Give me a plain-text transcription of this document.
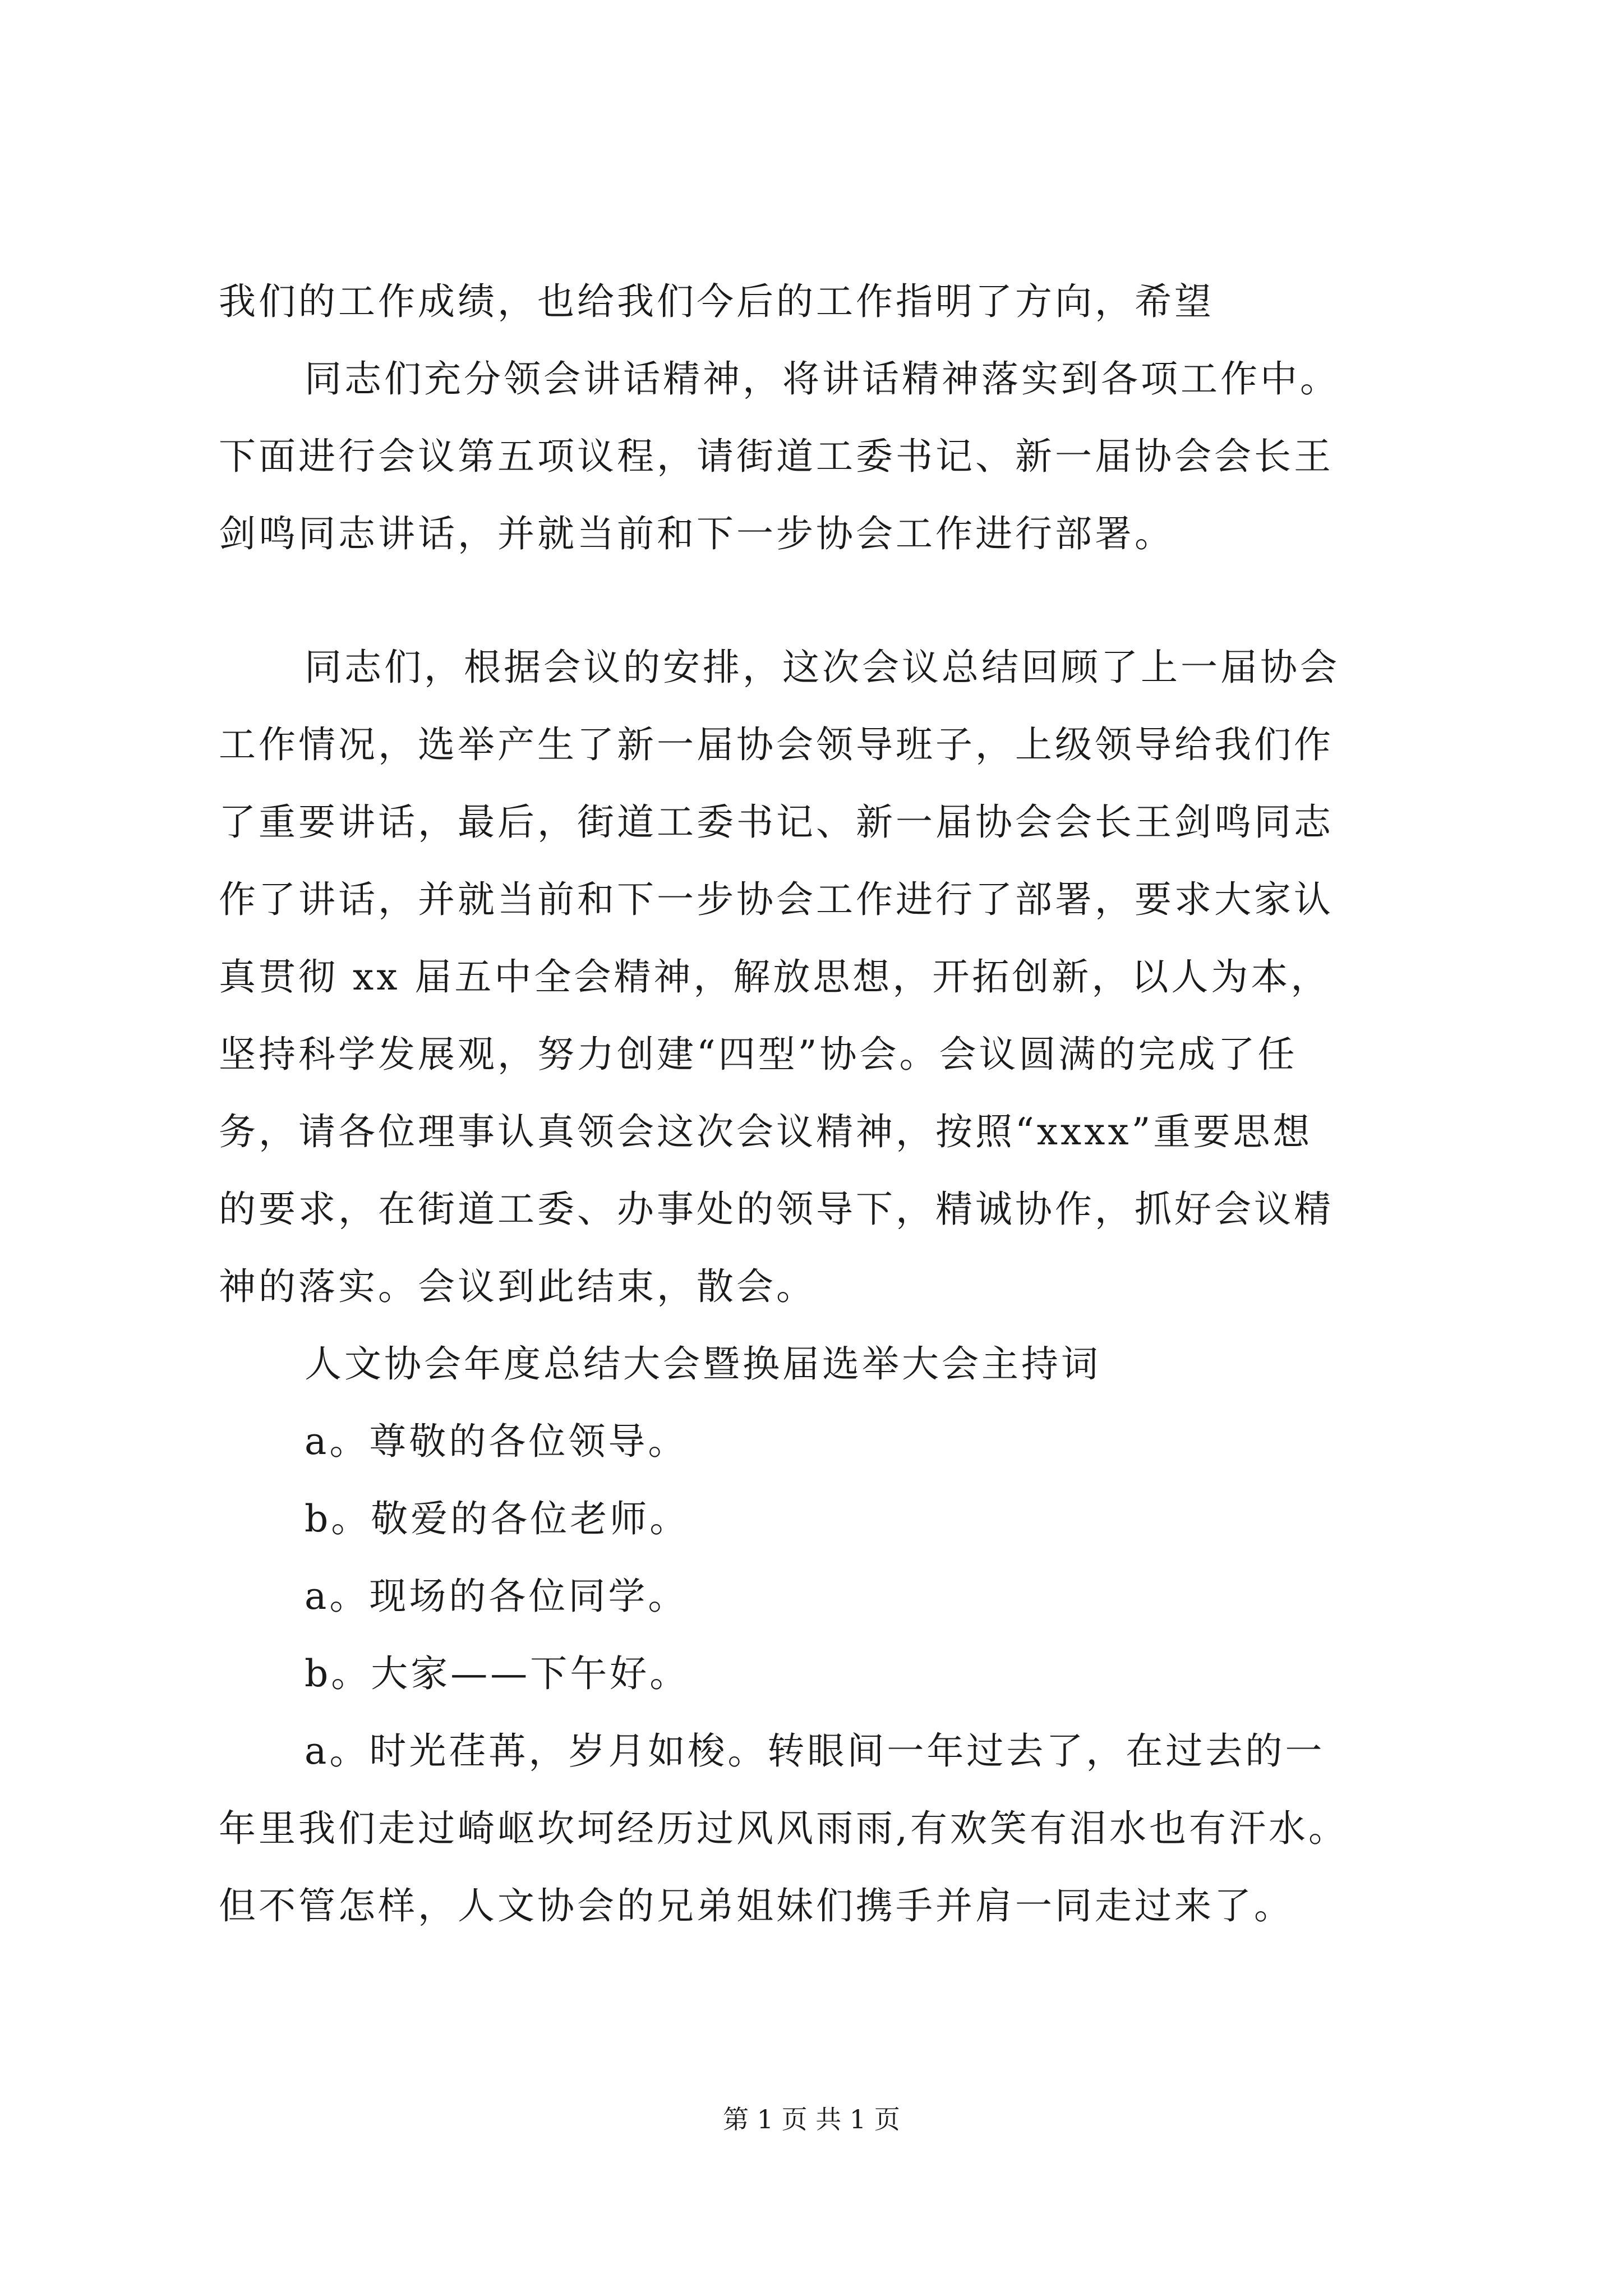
我们的工作成绩，也给我们今后的工作指明了方向，希望
同志们充分领会讲话精神，将讲话精神落实到各项工作中。
下面进行会议第五项议程，请街道工委书记、新一届协会会长王
剑鸣同志讲话，并就当前和下一步协会工作进行部署。
同志们，根据会议的安排，这次会议总结回顾了上一届协会
工作情况，选举产生了新一届协会领导班子，上级领导给我们作
了重要讲话，最后，街道工委书记、新一届协会会长王剑鸣同志
作了讲话，并就当前和下一步协会工作进行了部署，要求大家认
真贯彻 xx 届五中全会精神，解放思想，开拓创新，以人为本，
坚持科学发展观，努力创建“四型”协会。会议圆满的完成了任
务，请各位理事认真领会这次会议精神，按照“xxxx”重要思想
的要求，在街道工委、办事处的领导下，精诚协作，抓好会议精
神的落实。会议到此结束，散会。
人文协会年度总结大会暨换届选举大会主持词
a。尊敬的各位领导。
b。敬爱的各位老师。
a。现场的各位同学。
b。大家——下午好。
a。时光荏苒，岁月如梭。转眼间一年过去了，在过去的一
年里我们走过崎岖坎坷经历过风风雨雨,有欢笑有泪水也有汗水。
但不管怎样，人文协会的兄弟姐妹们携手并肩一同走过来了。
第 1 页 共 1 页
